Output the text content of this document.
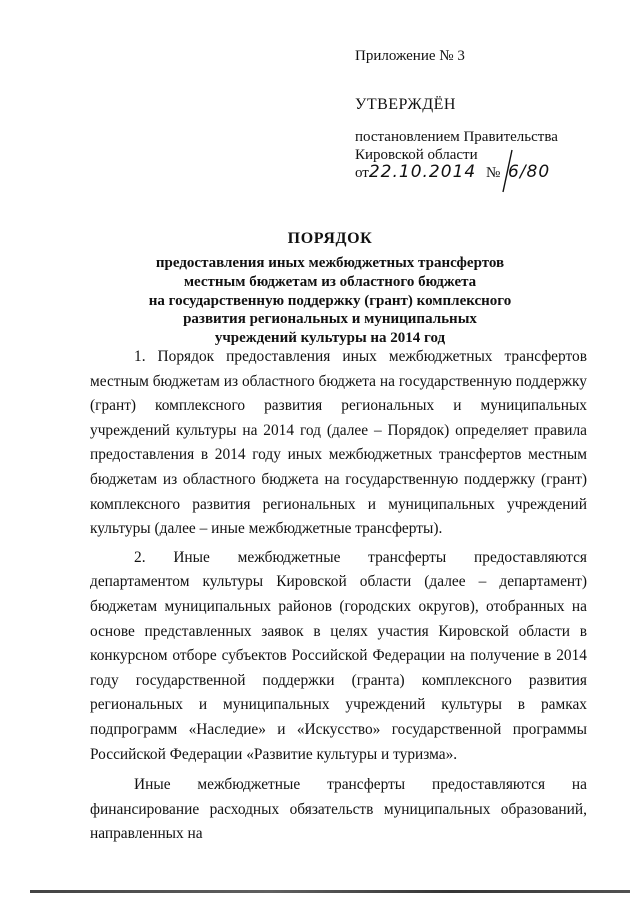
Приложение № 3
УТВЕРЖДЁН
постановлением Правительства
Кировской области
от22.10.2014 № 6/80
ПОРЯДОК
предоставления иных межбюджетных трансфертов
местным бюджетам из областного бюджета
на государственную поддержку (грант) комплексного
развития региональных и муниципальных
учреждений культуры на 2014 год

1. Порядок предоставления иных межбюджетных трансфертов местным бюджетам из областного бюджета на государственную поддержку (грант) комплексного развития региональных и муниципальных учреждений культуры на 2014 год (далее – Порядок) определяет правила предоставления в 2014 году иных межбюджетных трансфертов местным бюджетам из областного бюджета на государственную поддержку (грант) комплексного развития региональных и муниципальных учреждений культуры (далее – иные межбюджетные трансферты).

2. Иные межбюджетные трансферты предоставляются департаментом культуры Кировской области (далее – департамент) бюджетам муниципальных районов (городских округов), отобранных на основе представленных заявок в целях участия Кировской области в конкурсном отборе субъектов Российской Федерации на получение в 2014 году государственной поддержки (гранта) комплексного развития региональных и муниципальных учреждений культуры в рамках подпрограмм «Наследие» и «Искусство» государственной программы Российской Федерации «Развитие культуры и туризма».

Иные межбюджетные трансферты предоставляются на финансирование расходных обязательств муниципальных образований, направленных на
